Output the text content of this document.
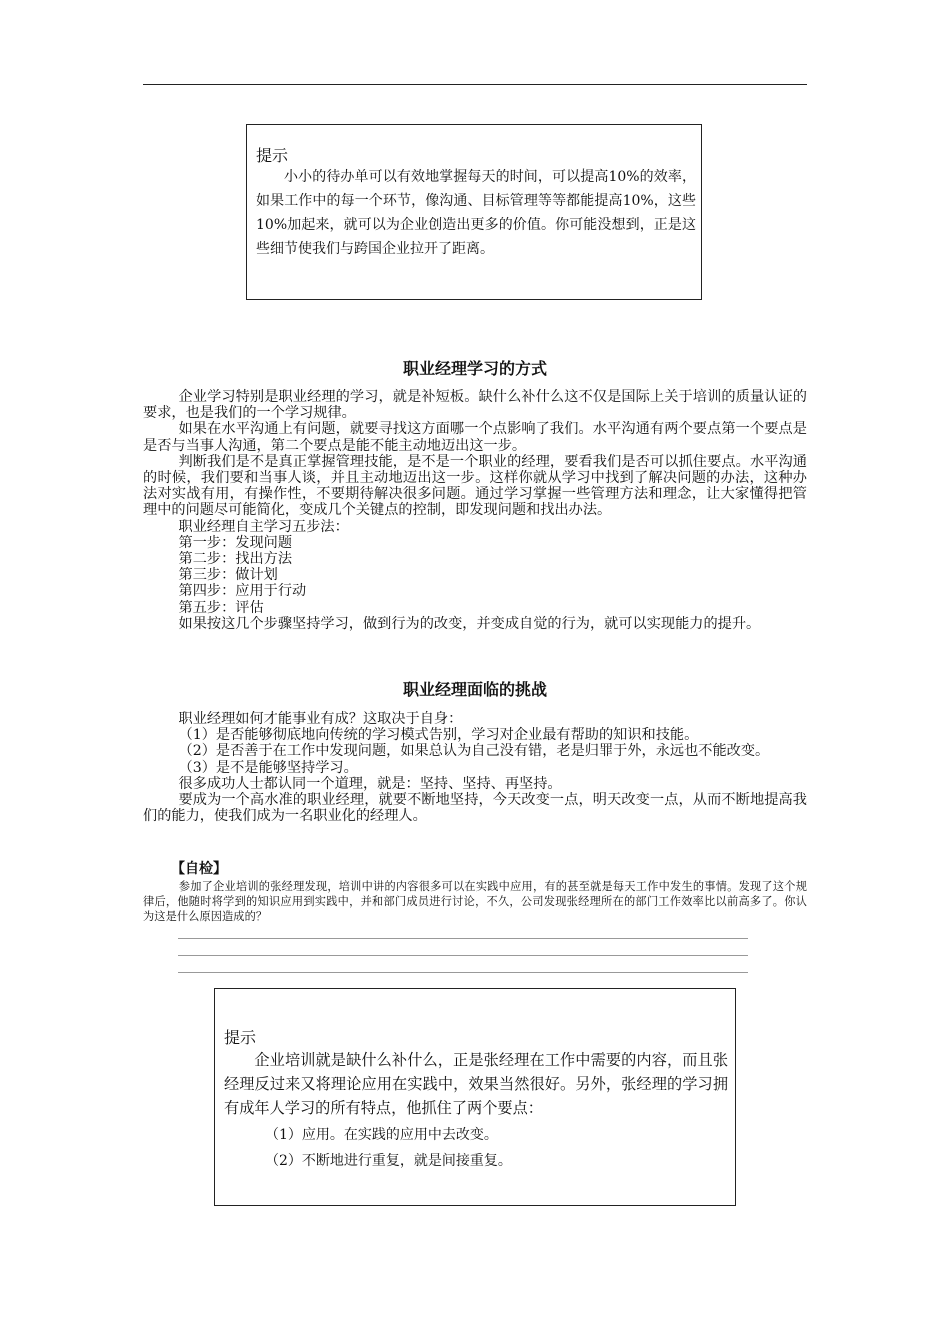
提示
小小的待办单可以有效地掌握每天的时间，可以提高10%的效率，如果工作中的每一个环节，像沟通、目标管理等等都能提高10%，这些10%加起来，就可以为企业创造出更多的价值。你可能没想到，正是这些细节使我们与跨国企业拉开了距离。
职业经理学习的方式

企业学习特别是职业经理的学习，就是补短板。缺什么补什么这不仅是国际上关于培训的质量认证的要求，也是我们的一个学习规律。

如果在水平沟通上有问题，就要寻找这方面哪一个点影响了我们。水平沟通有两个要点第一个要点是是否与当事人沟通，第二个要点是能不能主动地迈出这一步。

判断我们是不是真正掌握管理技能，是不是一个职业的经理，要看我们是否可以抓住要点。水平沟通的时候，我们要和当事人谈，并且主动地迈出这一步。这样你就从学习中找到了解决问题的办法，这种办法对实战有用，有操作性，不要期待解决很多问题。通过学习掌握一些管理方法和理念，让大家懂得把管理中的问题尽可能简化，变成几个关键点的控制，即发现问题和找出办法。

职业经理自主学习五步法：

第一步：发现问题

第二步：找出方法

第三步：做计划

第四步：应用于行动

第五步：评估

如果按这几个步骤坚持学习，做到行为的改变，并变成自觉的行为，就可以实现能力的提升。

职业经理面临的挑战

职业经理如何才能事业有成？这取决于自身：

（1）是否能够彻底地向传统的学习模式告别，学习对企业最有帮助的知识和技能。

（2）是否善于在工作中发现问题，如果总认为自己没有错，老是归罪于外，永远也不能改变。

（3）是不是能够坚持学习。

很多成功人士都认同一个道理，就是：坚持、坚持、再坚持。

要成为一个高水准的职业经理，就要不断地坚持，今天改变一点，明天改变一点，从而不断地提高我们的能力，使我们成为一名职业化的经理人。

【自检】

参加了企业培训的张经理发现，培训中讲的内容很多可以在实践中应用，有的甚至就是每天工作中发生的事情。发现了这个规律后，他随时将学到的知识应用到实践中，并和部门成员进行讨论，不久，公司发现张经理所在的部门工作效率比以前高多了。你认为这是什么原因造成的？

提示
企业培训就是缺什么补什么，正是张经理在工作中需要的内容，而且张经理反过来又将理论应用在实践中，效果当然很好。另外，张经理的学习拥有成年人学习的所有特点，他抓住了两个要点：
（1）应用。在实践的应用中去改变。
（2）不断地进行重复，就是间接重复。
